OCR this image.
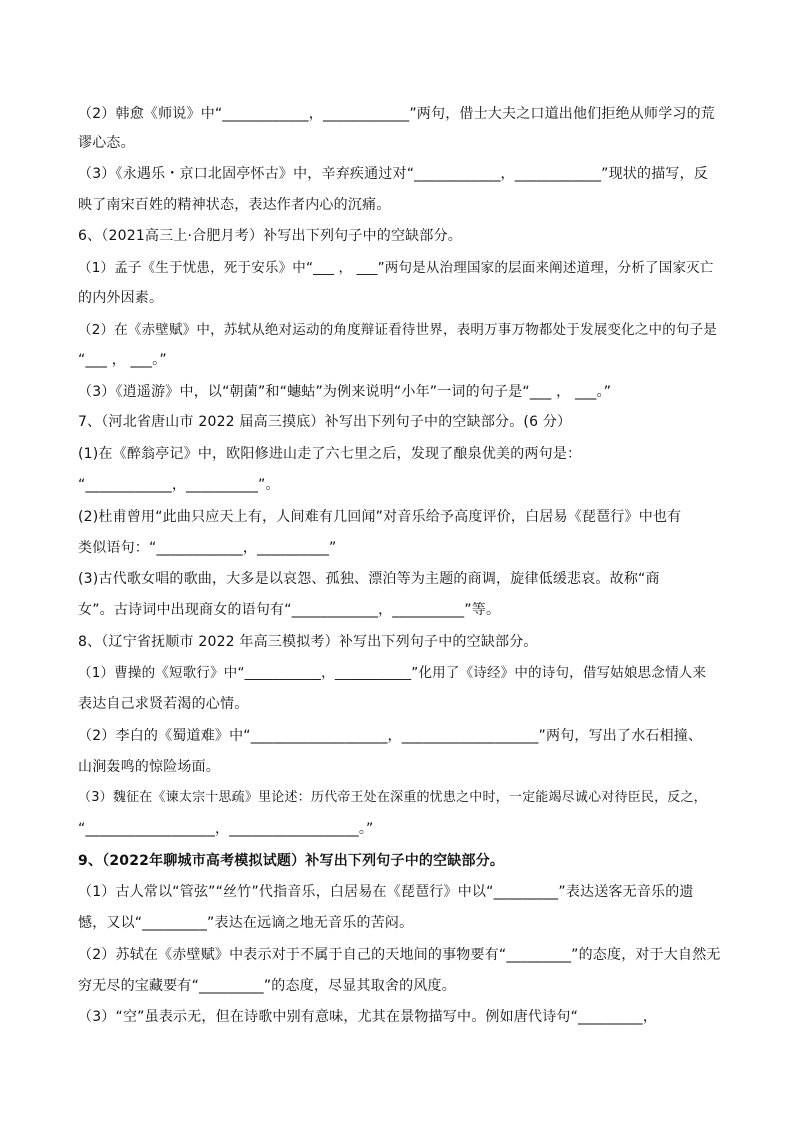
（2）韩愈《师说》中“____________，____________”两句，借士大夫之口道出他们拒绝从师学习的荒
谬心态。
（3）《永遇乐・京口北固亭怀古》中，辛弃疾通过对“____________，____________”现状的描写，反
映了南宋百姓的精神状态，表达作者内心的沉痛。
6、（2021高三上·合肥月考）补写出下列句子中的空缺部分。
（1）孟子《生于忧患，死于安乐》中“___ ， ___”两句是从治理国家的层面来阐述道理，分析了国家灭亡
的内外因素。
（2）在《赤壁赋》中，苏轼从绝对运动的角度辩证看待世界，表明万事万物都处于发展变化之中的句子是
“___ ， ___。”
（3）《逍遥游》中，以“朝菌”和“蟪蛄”为例来说明“小年”一词的句子是“___ ， ___。”
7、（河北省唐山市 2022 届高三摸底）补写出下列句子中的空缺部分。(6 分）
(1)在《醉翁亭记》中，欧阳修进山走了六七里之后，发现了酿泉优美的两句是：
“____________，__________”。
(2)杜甫曾用“此曲只应天上有，人间难有几回闻”对音乐给予高度评价，白居易《琵琶行》中也有
类似语句：“____________，__________”
(3)古代歌女唱的歌曲，大多是以哀怨、孤独、漂泊等为主题的商调，旋律低缓悲哀。故称“商
女”。古诗词中出现商女的语句有“____________，__________”等。
8、（辽宁省抚顺市 2022 年高三模拟考）补写出下列句子中的空缺部分。
（1）曹操的《短歌行》中“___________，___________”化用了《诗经》中的诗句，借写姑娘思念情人来
表达自己求贤若渴的心情。
（2）李白的《蜀道难》中“___________________，___________________”两句，写出了水石相撞、
山涧轰鸣的惊险场面。
（3）魏征在《谏太宗十思疏》里论述：历代帝王处在深重的忧患之中时，一定能竭尽诚心对待臣民，反之，
“__________________，__________________。”
9、（2022年聊城市高考模拟试题）补写出下列句子中的空缺部分。
（1）古人常以“管弦”“丝竹”代指音乐，白居易在《琵琶行》中以“_________”表达送客无音乐的遗
憾，又以“_________”表达在远谪之地无音乐的苦闷。
（2）苏轼在《赤壁赋》中表示对于不属于自己的天地间的事物要有“_________”的态度，对于大自然无
穷无尽的宝藏要有“_________”的态度，尽显其取舍的风度。
（3）“空”虽表示无，但在诗歌中别有意味，尤其在景物描写中。例如唐代诗句“_________，
